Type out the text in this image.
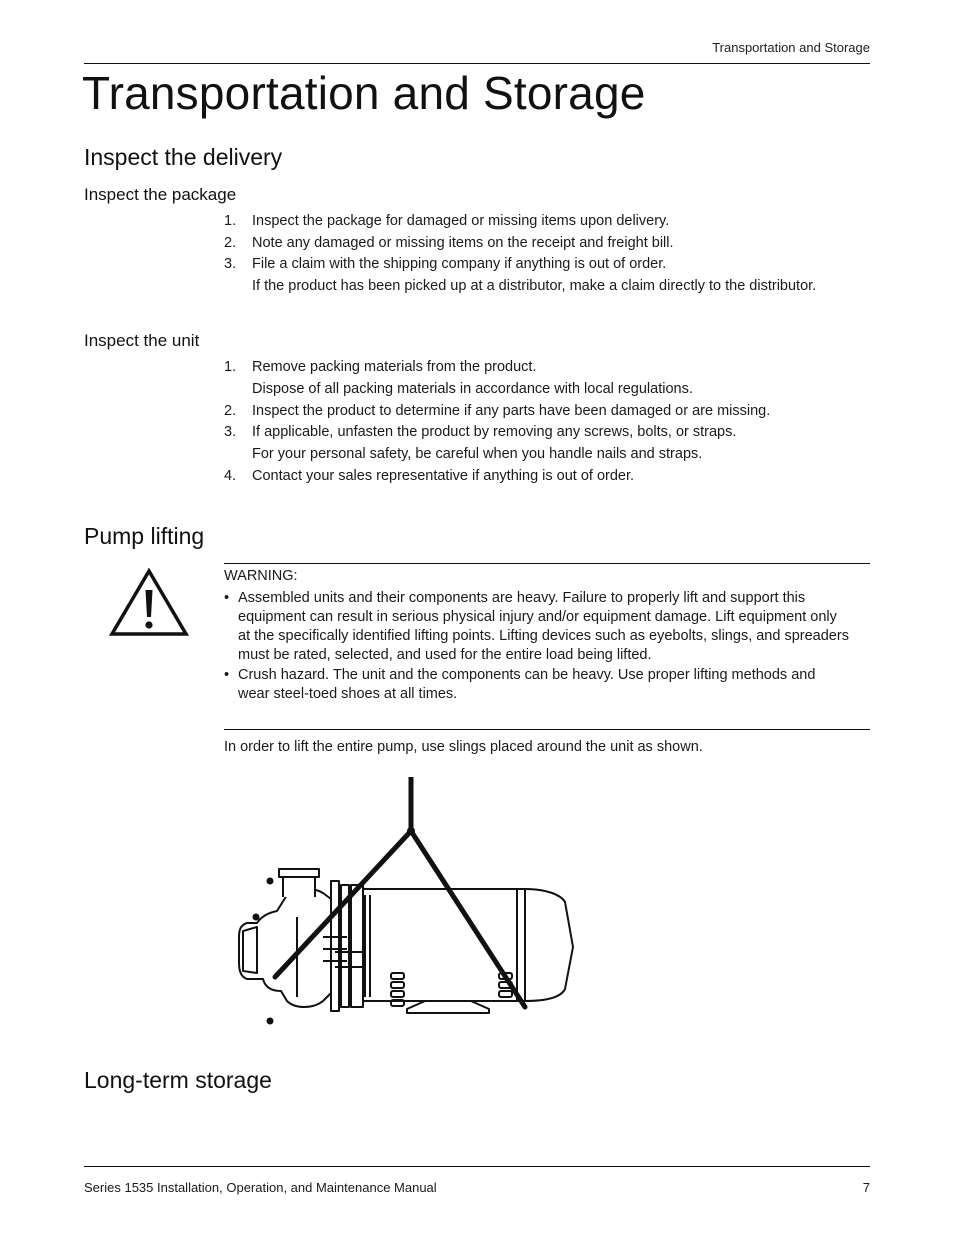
Transportation and Storage
Transportation and Storage
Inspect the delivery
Inspect the package
1. Inspect the package for damaged or missing items upon delivery.
2. Note any damaged or missing items on the receipt and freight bill.
3. File a claim with the shipping company if anything is out of order.
If the product has been picked up at a distributor, make a claim directly to the distributor.
Inspect the unit
1. Remove packing materials from the product.
Dispose of all packing materials in accordance with local regulations.
2. Inspect the product to determine if any parts have been damaged or are missing.
3. If applicable, unfasten the product by removing any screws, bolts, or straps.
For your personal safety, be careful when you handle nails and straps.
4. Contact your sales representative if anything is out of order.
Pump lifting
WARNING:
• Assembled units and their components are heavy. Failure to properly lift and support this equipment can result in serious physical injury and/or equipment damage. Lift equipment only at the specifically identified lifting points. Lifting devices such as eyebolts, slings, and spreaders must be rated, selected, and used for the entire load being lifted.
• Crush hazard. The unit and the components can be heavy. Use proper lifting methods and wear steel-toed shoes at all times.
In order to lift the entire pump, use slings placed around the unit as shown.
Long-term storage
Series 1535 Installation, Operation, and Maintenance Manual	7
